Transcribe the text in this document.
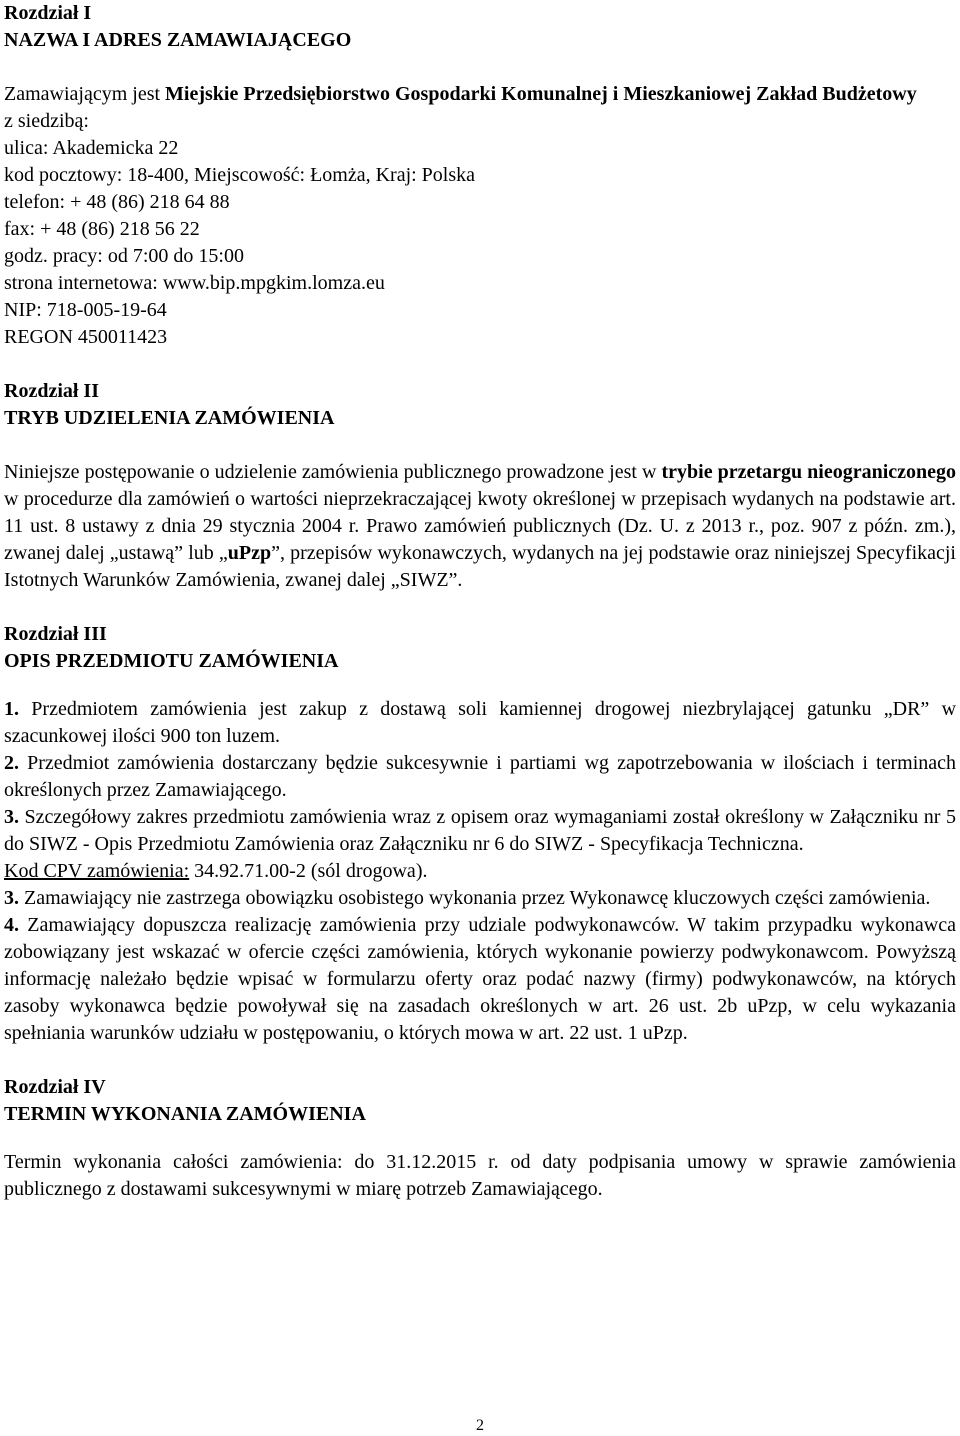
Rozdział I

NAZWA I ADRES ZAMAWIAJĄCEGO

Zamawiającym jest Miejskie Przedsiębiorstwo Gospodarki Komunalnej i Mieszkaniowej Zakład Budżetowy

z siedzibą:

ulica: Akademicka 22

kod pocztowy: 18-400, Miejscowość: Łomża, Kraj: Polska

telefon: + 48 (86) 218 64 88

fax: + 48 (86) 218 56 22

godz. pracy: od 7:00 do 15:00

strona internetowa: www.bip.mpgkim.lomza.eu

NIP: 718-005-19-64

REGON 450011423

Rozdział II

TRYB UDZIELENIA ZAMÓWIENIA

Niniejsze postępowanie o udzielenie zamówienia publicznego prowadzone jest w trybie przetargu nieograniczonego w procedurze dla zamówień o wartości nieprzekraczającej kwoty określonej w przepisach wydanych na podstawie art. 11 ust. 8 ustawy z dnia 29 stycznia 2004 r. Prawo zamówień publicznych (Dz. U. z 2013 r., poz. 907 z późn. zm.), zwanej dalej „ustawą” lub „uPzp”, przepisów wykonawczych, wydanych na jej podstawie oraz niniejszej Specyfikacji Istotnych Warunków Zamówienia, zwanej dalej „SIWZ”.

Rozdział III

OPIS PRZEDMIOTU ZAMÓWIENIA

1. Przedmiotem zamówienia jest zakup z dostawą soli kamiennej drogowej niezbrylającej gatunku „DR” w szacunkowej ilości 900 ton luzem.

2. Przedmiot zamówienia dostarczany będzie sukcesywnie i partiami wg zapotrzebowania w ilościach i terminach określonych przez Zamawiającego.

3. Szczegółowy zakres przedmiotu zamówienia wraz z opisem oraz wymaganiami został określony w Załączniku nr 5 do SIWZ - Opis Przedmiotu Zamówienia oraz Załączniku nr 6 do SIWZ - Specyfikacja Techniczna.

Kod CPV zamówienia: 34.92.71.00-2 (sól drogowa).

3. Zamawiający nie zastrzega obowiązku osobistego wykonania przez Wykonawcę kluczowych części zamówienia.

4. Zamawiający dopuszcza realizację zamówienia przy udziale podwykonawców. W takim przypadku wykonawca zobowiązany jest wskazać w ofercie części zamówienia, których wykonanie powierzy podwykonawcom. Powyższą informację należało będzie wpisać w formularzu oferty oraz podać nazwy (firmy) podwykonawców, na których zasoby wykonawca będzie powoływał się na zasadach określonych w art. 26 ust. 2b uPzp, w celu wykazania spełniania warunków udziału w postępowaniu, o których mowa w art. 22 ust. 1 uPzp.

Rozdział IV

TERMIN WYKONANIA ZAMÓWIENIA

Termin wykonania całości zamówienia: do 31.12.2015 r. od daty podpisania umowy w sprawie zamówienia publicznego z dostawami sukcesywnymi w miarę potrzeb Zamawiającego.

2
